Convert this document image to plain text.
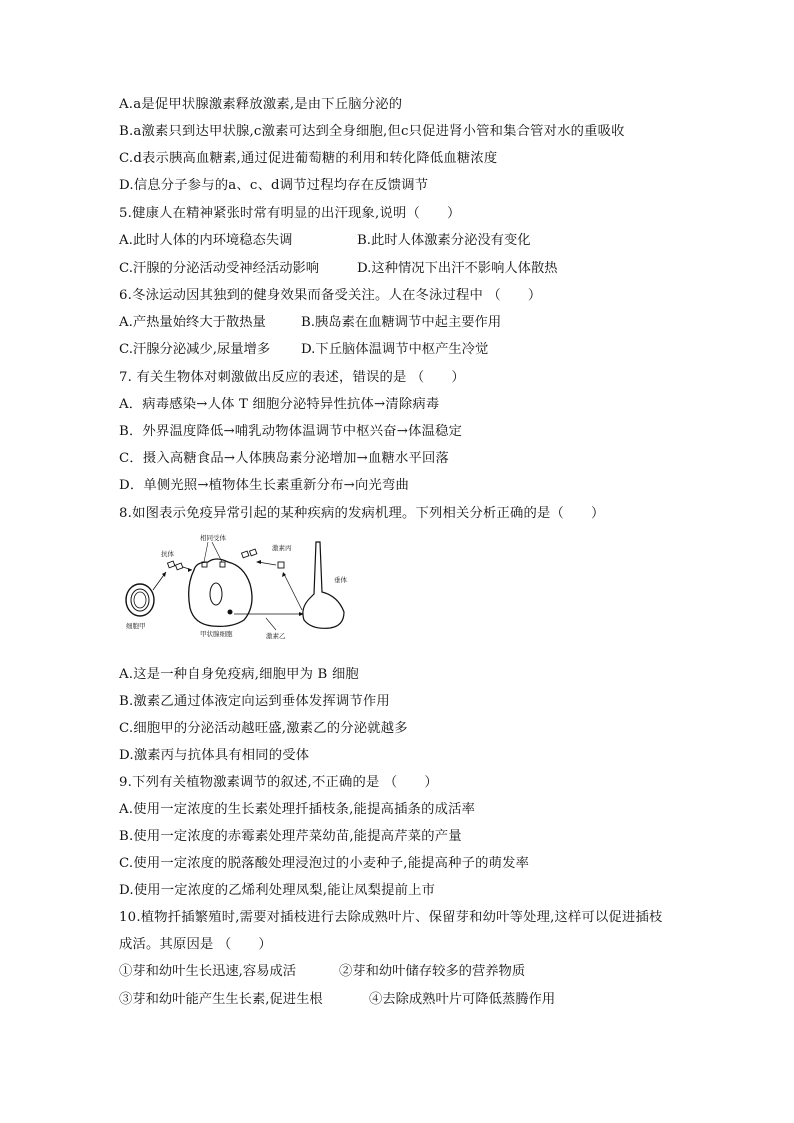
A.a是促甲状腺激素释放激素,是由下丘脑分泌的
B.a激素只到达甲状腺,c激素可达到全身细胞,但c只促进肾小管和集合管对水的重吸收
C.d表示胰高血糖素,通过促进葡萄糖的利用和转化降低血糖浓度
D.信息分子参与的a、c、d调节过程均存在反馈调节
5.健康人在精神紧张时常有明显的出汗现象,说明（　　）
A.此时人体的内环境稳态失调	B.此时人体激素分泌没有变化
C.汗腺的分泌活动受神经活动影响	D.这种情况下出汗不影响人体散热
6.冬泳运动因其独到的健身效果而备受关注。人在冬泳过程中 （　　）
A.产热量始终大于散热量	B.胰岛素在血糖调节中起主要作用
C.汗腺分泌减少,尿量增多 D.下丘脑体温调节中枢产生冷觉
7. 有关生物体对刺激做出反应的表述，错误的是 （　　）
A．病毒感染→人体 T 细胞分泌特异性抗体→清除病毒
B．外界温度降低→哺乳动物体温调节中枢兴奋→体温稳定
C．摄入高糖食品→人体胰岛素分泌增加→血糖水平回落
D．单侧光照→植物体生长素重新分布→向光弯曲
8.如图表示免疫异常引起的某种疾病的发病机理。下列相关分析正确的是（　　）
细胞甲
抗体
相同受体
甲状腺细胞
激素丙
垂体
激素乙
A.这是一种自身免疫病,细胞甲为 B 细胞
B.激素乙通过体液定向运到垂体发挥调节作用
C.细胞甲的分泌活动越旺盛,激素乙的分泌就越多
D.激素丙与抗体具有相同的受体
9.下列有关植物激素调节的叙述,不正确的是 （　　）
A.使用一定浓度的生长素处理扦插枝条,能提高插条的成活率
B.使用一定浓度的赤霉素处理芹菜幼苗,能提高芹菜的产量
C.使用一定浓度的脱落酸处理浸泡过的小麦种子,能提高种子的萌发率
D.使用一定浓度的乙烯利处理凤梨,能让凤梨提前上市
10.植物扦插繁殖时,需要对插枝进行去除成熟叶片、保留芽和幼叶等处理,这样可以促进插枝
成活。其原因是 （　　）
①芽和幼叶生长迅速,容易成活	②芽和幼叶储存较多的营养物质
③芽和幼叶能产生生长素,促进生根	④去除成熟叶片可降低蒸腾作用
